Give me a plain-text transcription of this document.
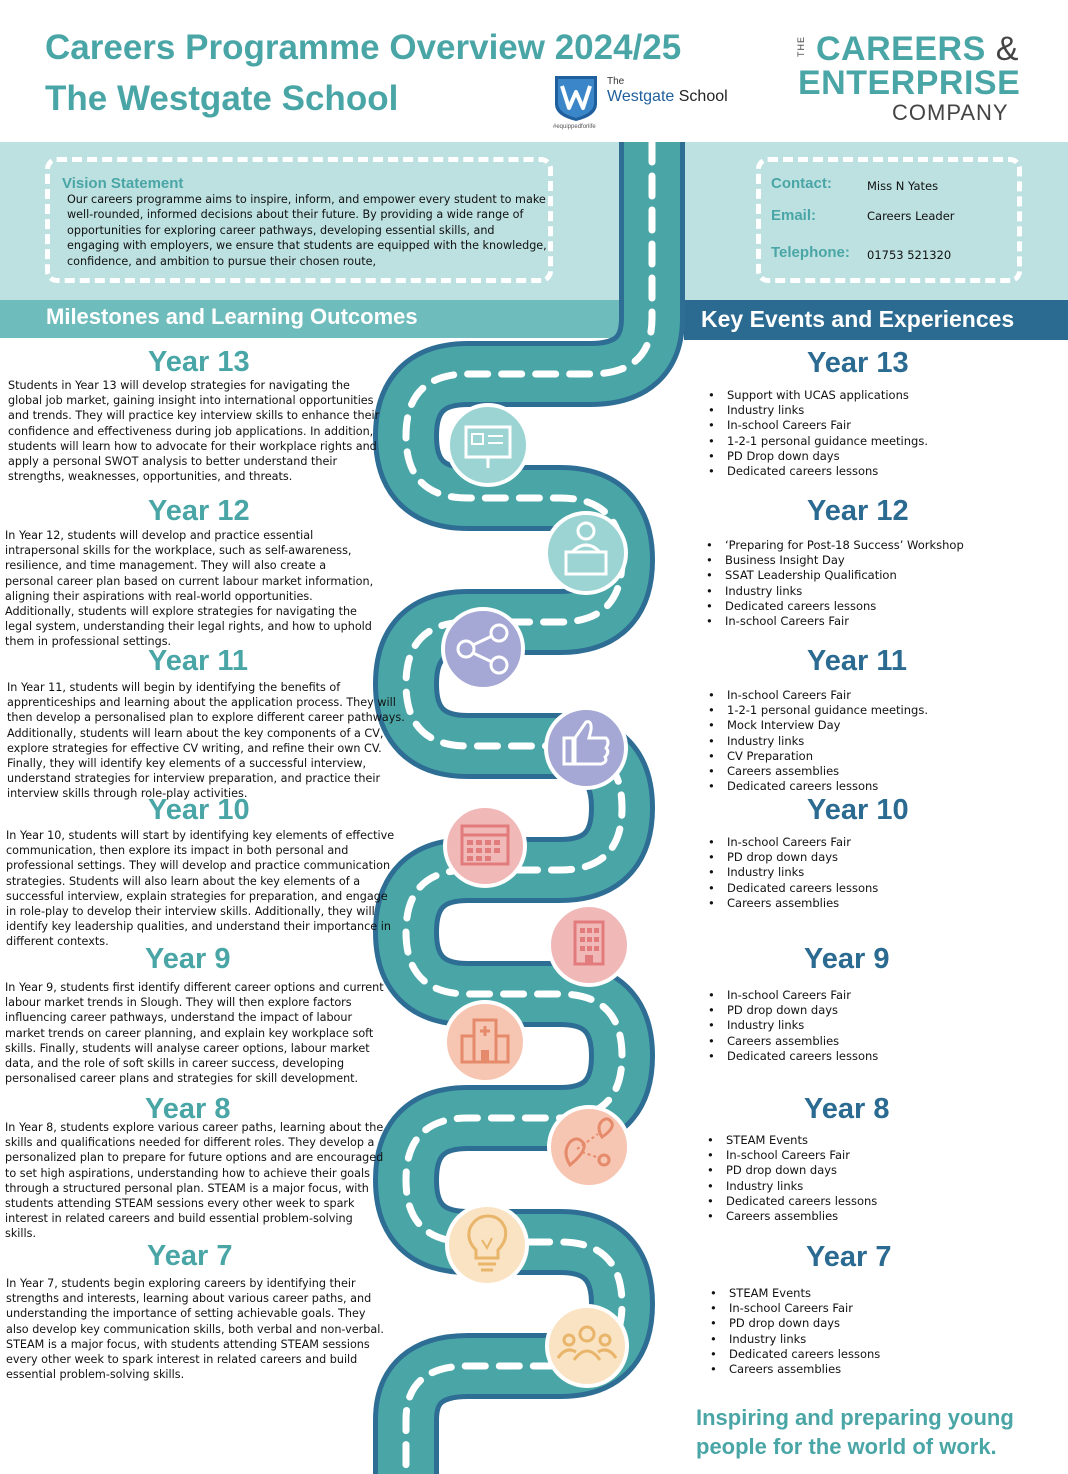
Careers Programme Overview 2024/25
The Westgate School	The
Westgate School
#equippedforlife
THE CAREERS &
ENTERPRISE
COMPANY
Vision Statement
Our careers programme aims to inspire, inform, and empower every student to make well-rounded, informed decisions about their future. By providing a wide range of opportunities for exploring career pathways, developing essential skills, and engaging with employers, we ensure that students are equipped with the knowledge, confidence, and ambition to pursue their chosen route,
Contact:	Miss N Yates
Email:	Careers Leader
Telephone: 01753 521320
Milestones and Learning Outcomes	Key Events and Experiences
Year 13
Students in Year 13 will develop strategies for navigating the global job market, gaining insight into international opportunities and trends. They will practice key interview skills to enhance their confidence and effectiveness during job applications. In addition, students will learn how to advocate for their workplace rights and apply a personal SWOT analysis to better understand their strengths, weaknesses, opportunities, and threats.
Year 12
In Year 12, students will develop and practice essential intrapersonal skills for the workplace, such as self-awareness, resilience, and time management. They will also create a personal career plan based on current labour market information, aligning their aspirations with real-world opportunities. Additionally, students will explore strategies for navigating the legal system, understanding their legal rights, and how to uphold them in professional settings.
Year 11
In Year 11, students will begin by identifying the benefits of apprenticeships and learning about the application process. They will then develop a personalised plan to explore different career pathways. Additionally, students will learn about the key components of a CV, explore strategies for effective CV writing, and refine their own CV. Finally, they will identify key elements of a successful interview, understand strategies for interview preparation, and practice their interview skills through role-play activities.
Year 10
In Year 10, students will start by identifying key elements of effective communication, then explore its impact in both personal and professional settings. They will develop and practice communication strategies. Students will also learn about the key elements of a successful interview, explain strategies for preparation, and engage in role-play to develop their interview skills. Additionally, they will identify key leadership qualities, and understand their importance in different contexts.
Year 9
In Year 9, students first identify different career options and current labour market trends in Slough. They will then explore factors influencing career pathways, understand the impact of labour market trends on career planning, and explain key workplace soft skills. Finally, students will analyse career options, labour market data, and the role of soft skills in career success, developing personalised career plans and strategies for skill development.
Year 8
In Year 8, students explore various career paths, learning about the skills and qualifications needed for different roles. They develop a personalized plan to prepare for future options and are encouraged to set high aspirations, understanding how to achieve their goals through a structured personal plan. STEAM is a major focus, with students attending STEAM sessions every other week to spark interest in related careers and build essential problem-solving skills.
Year 7
In Year 7, students begin exploring careers by identifying their strengths and interests, learning about various career paths, and understanding the importance of setting achievable goals. They also develop key communication skills, both verbal and non-verbal. STEAM is a major focus, with students attending STEAM sessions every other week to spark interest in related careers and build essential problem-solving skills.
Year 13
• Support with UCAS applications
• Industry links
• In-school Careers Fair
• 1-2-1 personal guidance meetings.
• PD Drop down days
• Dedicated careers lessons
Year 12
• ‘Preparing for Post-18 Success’ Workshop
• Business Insight Day
• SSAT Leadership Qualification
• Industry links
• Dedicated careers lessons
• In-school Careers Fair
Year 11
• In-school Careers Fair
• 1-2-1 personal guidance meetings.
• Mock Interview Day
• Industry links
• CV Preparation
• Careers assemblies
• Dedicated careers lessons
Year 10
• In-school Careers Fair
• PD drop down days
• Industry links
• Dedicated careers lessons
• Careers assemblies
Year 9
• In-school Careers Fair
• PD drop down days
• Industry links
• Careers assemblies
• Dedicated careers lessons
Year 8
• STEAM Events
• In-school Careers Fair
• PD drop down days
• Industry links
• Dedicated careers lessons
• Careers assemblies
Year 7
• STEAM Events
• In-school Careers Fair
• PD drop down days
• Industry links
• Dedicated careers lessons
• Careers assemblies
Inspiring and preparing young people for the world of work.
